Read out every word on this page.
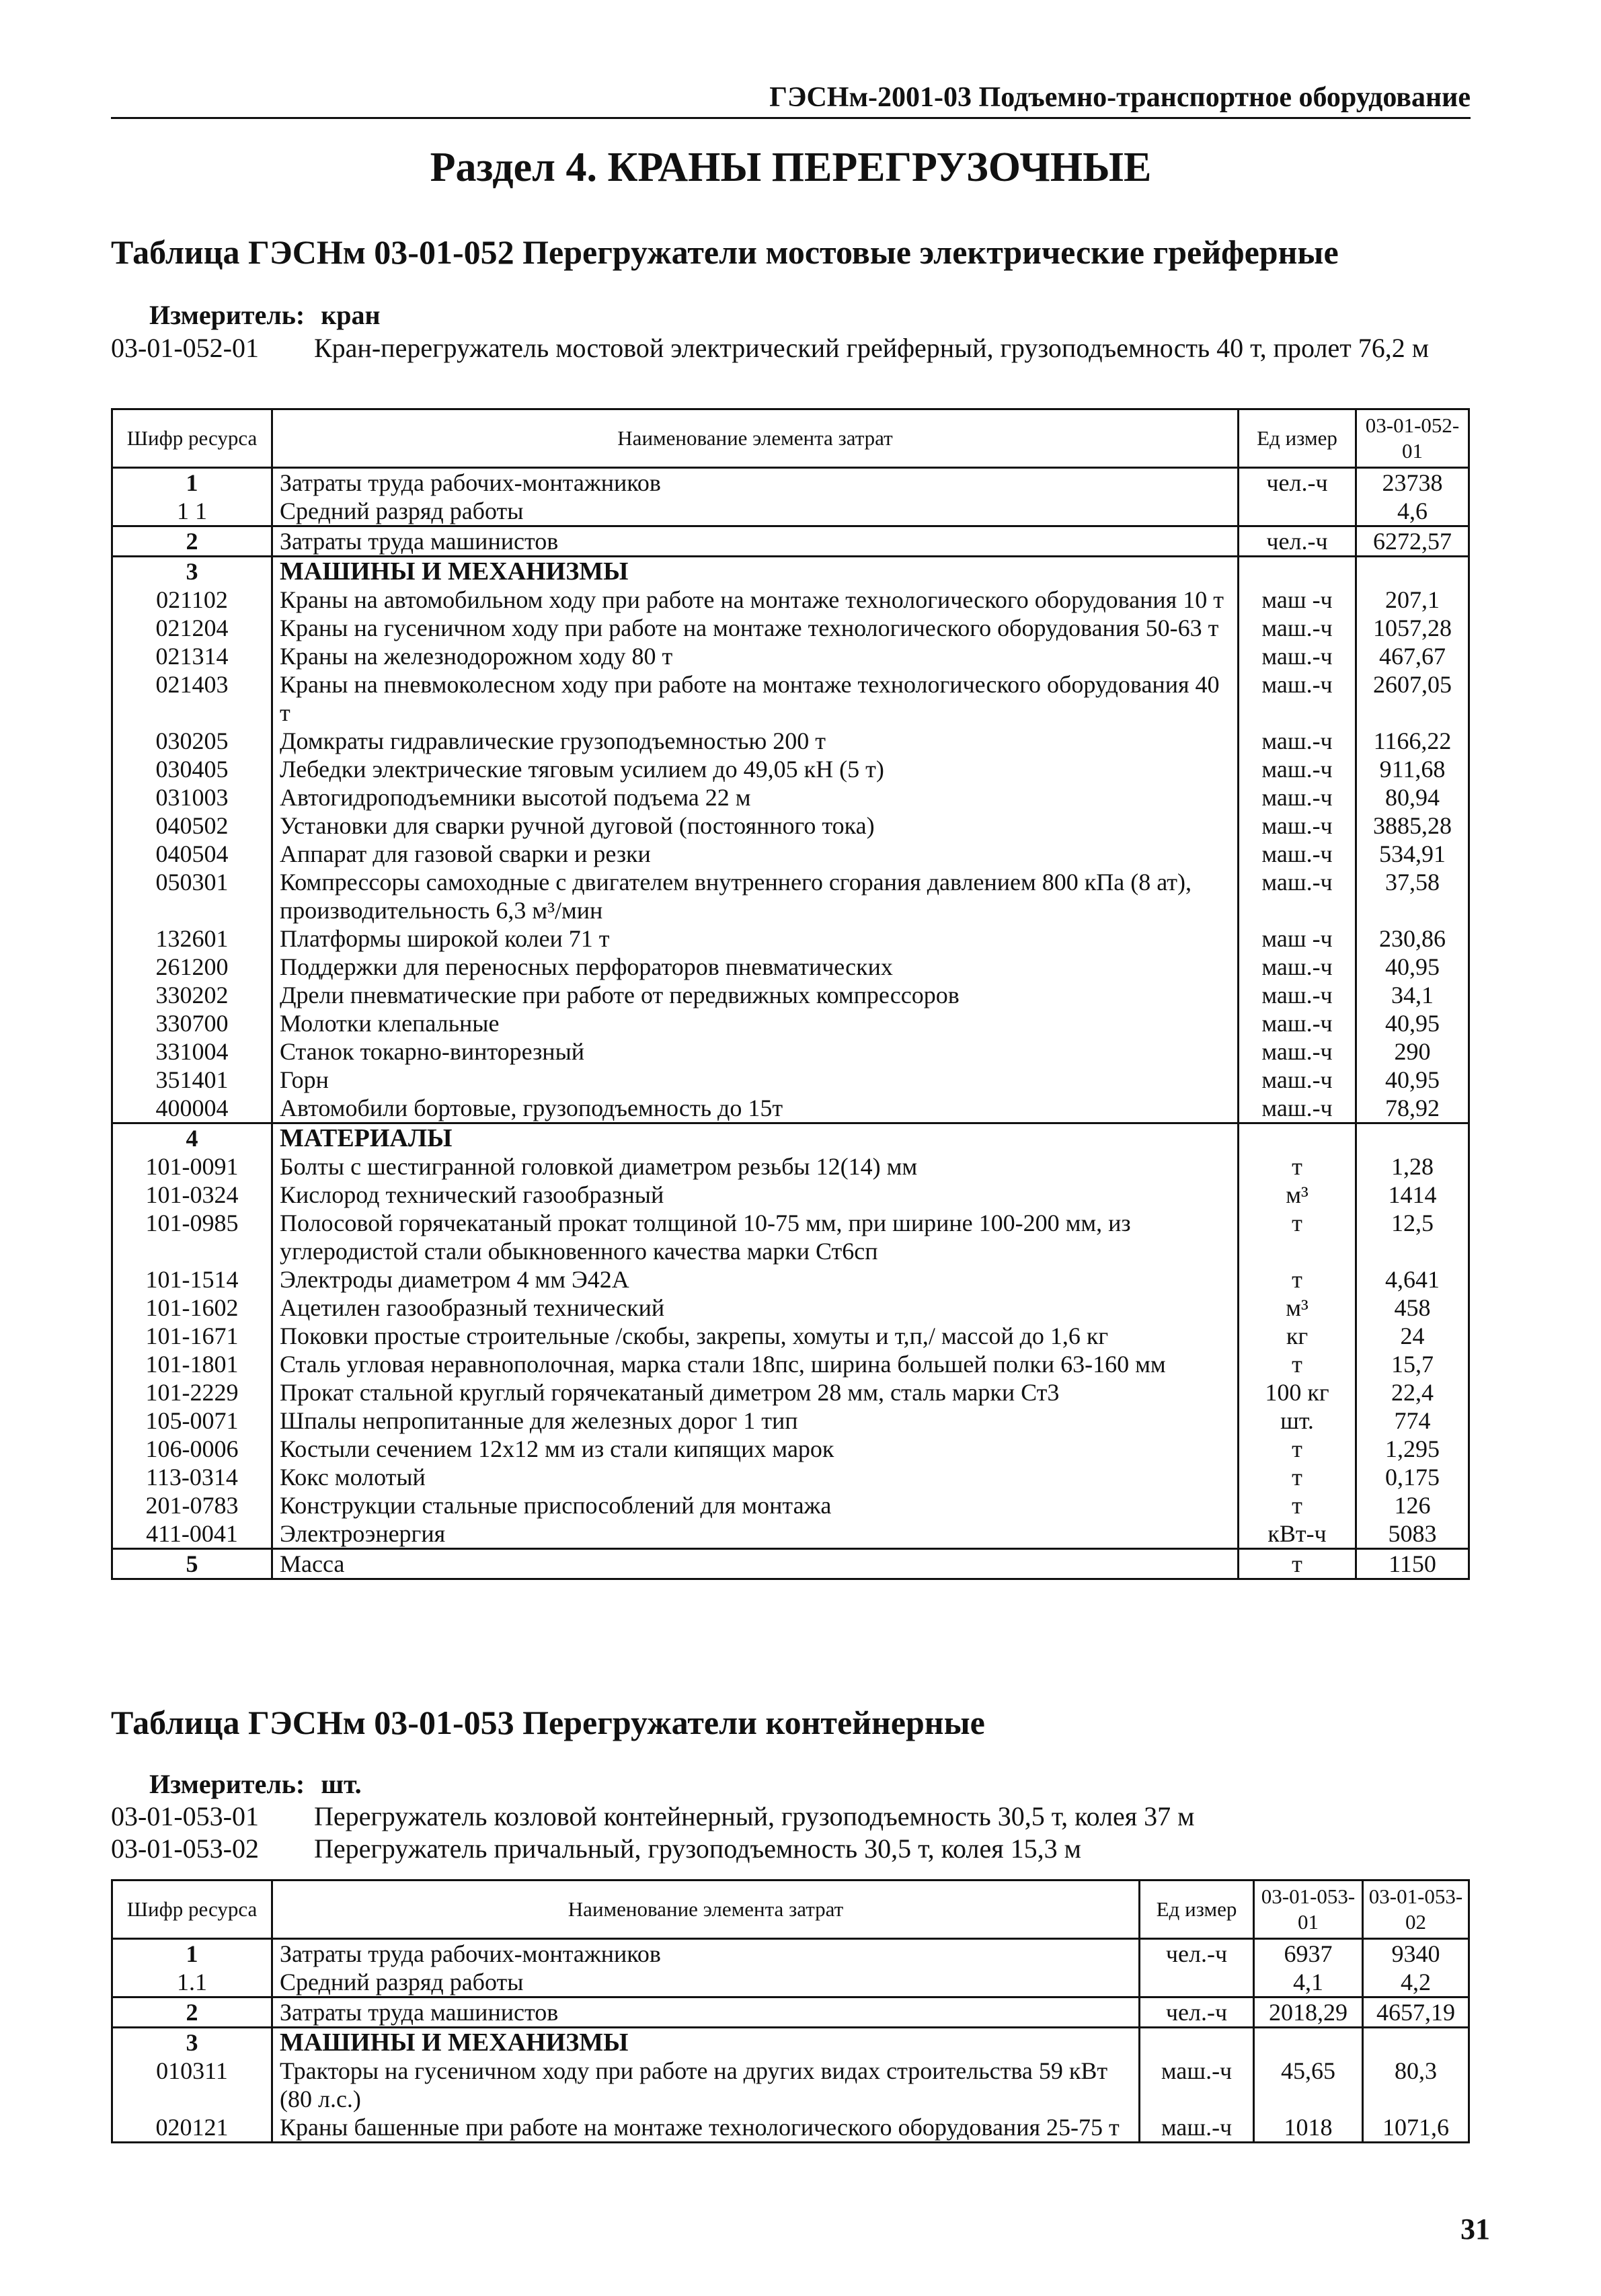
ГЭСНм-2001-03 Подъемно-транспортное оборудование
Раздел 4. КРАНЫ ПЕРЕГРУЗОЧНЫЕ
Таблица ГЭСНм 03-01-052 Перегружатели мостовые электрические грейферные
Измеритель: кран
03-01-052-01	Кран-перегружатель мостовой электрический грейферный, грузоподъемность 40 т, пролет 76,2 м
Шифр ресурса	Наименование элемента затрат	Ед измер	03-01-052-01
1	Затраты труда рабочих-монтажников	чел.-ч	23738
1 1	Средний разряд работы		4,6
2	Затраты труда машинистов	чел.-ч	6272,57
3	МАШИНЫ И МЕХАНИЗМЫ		
021102	Краны на автомобильном ходу при работе на монтаже технологического оборудования 10 т	маш -ч	207,1
021204	Краны на гусеничном ходу при работе на монтаже технологического оборудования 50-63 т	маш.-ч	1057,28
021314	Краны на железнодорожном ходу 80 т	маш.-ч	467,67
021403	Краны на пневмоколесном ходу при работе на монтаже технологического оборудования 40 т	маш.-ч	2607,05
030205	Домкраты гидравлические грузоподъемностью 200 т	маш.-ч	1166,22
030405	Лебедки электрические тяговым усилием до 49,05 кН (5 т)	маш.-ч	911,68
031003	Автогидроподъемники высотой подъема 22 м	маш.-ч	80,94
040502	Установки для сварки ручной дуговой (постоянного тока)	маш.-ч	3885,28
040504	Аппарат для газовой сварки и резки	маш.-ч	534,91
050301	Компрессоры самоходные с двигателем внутреннего сгорания давлением 800 кПа (8 ат), производительность 6,3 м³/мин	маш.-ч	37,58
132601	Платформы широкой колеи 71 т	маш -ч	230,86
261200	Поддержки для переносных перфораторов пневматических	маш.-ч	40,95
330202	Дрели пневматические при работе от передвижных компрессоров	маш.-ч	34,1
330700	Молотки клепальные	маш.-ч	40,95
331004	Станок токарно-винторезный	маш.-ч	290
351401	Горн	маш.-ч	40,95
400004	Автомобили бортовые, грузоподъемность до 15т	маш.-ч	78,92
4	МАТЕРИАЛЫ		
101-0091	Болты с шестигранной головкой диаметром резьбы 12(14) мм	т	1,28
101-0324	Кислород технический газообразный	м³	1414
101-0985	Полосовой горячекатаный прокат толщиной 10-75 мм, при ширине 100-200 мм, из углеродистой стали обыкновенного качества марки Ст6сп	т	12,5
101-1514	Электроды диаметром 4 мм Э42А	т	4,641
101-1602	Ацетилен газообразный технический	м³	458
101-1671	Поковки простые строительные /скобы, закрепы, хомуты и т,п,/ массой до 1,6 кг	кг	24
101-1801	Сталь угловая неравнополочная, марка стали 18пс, ширина большей полки 63-160 мм	т	15,7
101-2229	Прокат стальной круглый горячекатаный диметром 28 мм, сталь марки Ст3	100 кг	22,4
105-0071	Шпалы непропитанные для железных дорог 1 тип	шт.	774
106-0006	Костыли сечением 12х12 мм из стали кипящих марок	т	1,295
113-0314	Кокс молотый	т	0,175
201-0783	Конструкции стальные приспособлений для монтажа	т	126
411-0041	Электроэнергия	кВт-ч	5083
5	Масса	т	1150
Таблица ГЭСНм 03-01-053 Перегружатели контейнерные
Измеритель: шт.
03-01-053-01	Перегружатель козловой контейнерный, грузоподъемность 30,5 т, колея 37 м
03-01-053-02	Перегружатель причальный, грузоподъемность 30,5 т, колея 15,3 м
Шифр ресурса	Наименование элемента затрат	Ед измер	03-01-053-01	03-01-053-02
1	Затраты труда рабочих-монтажников	чел.-ч	6937	9340
1.1	Средний разряд работы		4,1	4,2
2	Затраты труда машинистов	чел.-ч	2018,29	4657,19
3	МАШИНЫ И МЕХАНИЗМЫ			
010311	Тракторы на гусеничном ходу при работе на других видах строительства 59 кВт (80 л.с.)	маш.-ч	45,65	80,3
020121	Краны башенные при работе на монтаже технологического оборудования 25-75 т	маш.-ч	1018	1071,6
31
